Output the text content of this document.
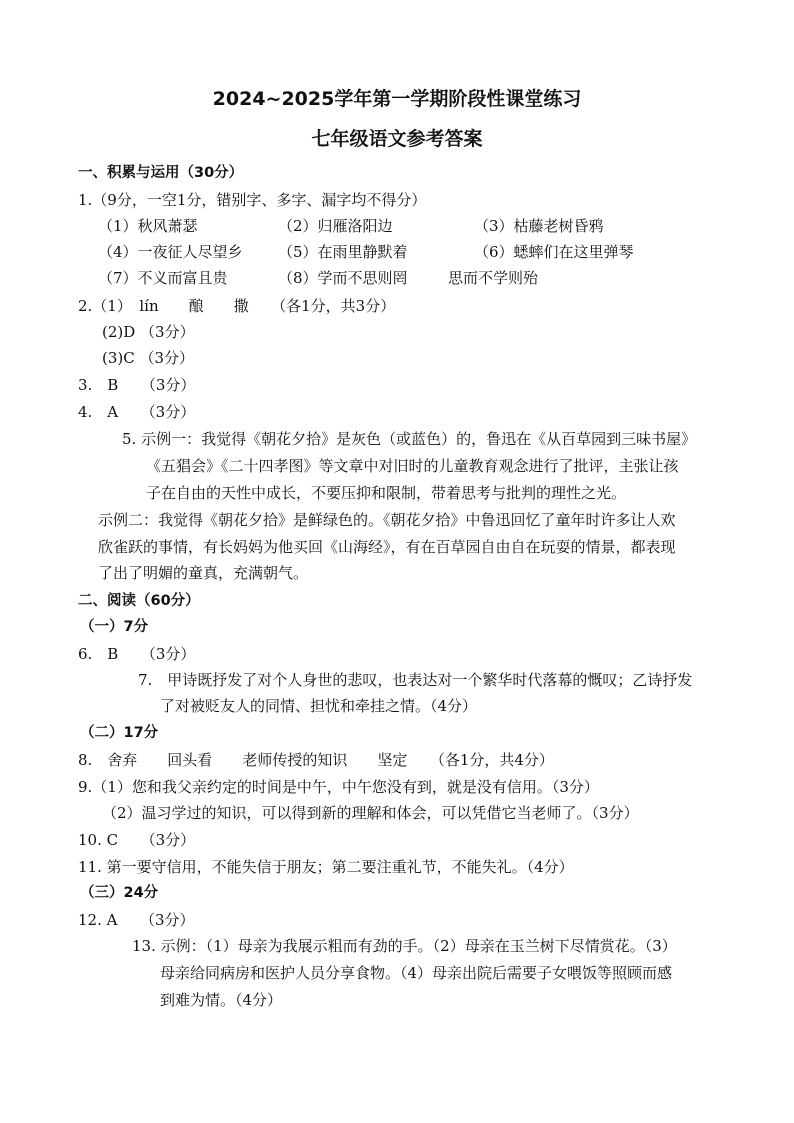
2024~2025学年第一学期阶段性课堂练习
七年级语文参考答案
一、积累与运用（30分）
1.（9分，一空1分，错别字、多字、漏字均不得分）
（1）秋风萧瑟	（2）归雁洛阳边	（3）枯藤老树昏鸦
（4）一夜征人尽望乡 （5）在雨里静默着	（6）蟋蟀们在这里弹琴
（7）不义而富且贵	（8）学而不思则罔	思而不学则殆
2.（1）　lín　　酿　　撒　　（各1分，共3分）
(2)D （3分）
(3)C （3分）
3.　B　　（3分）
4.　A　　（3分）
5. 示例一：我觉得《朝花夕拾》是灰色（或蓝色）的，鲁迅在《从百草园到三味书屋》
《五猖会》《二十四孝图》等文章中对旧时的儿童教育观念进行了批评，主张让孩
子在自由的天性中成长，不要压抑和限制，带着思考与批判的理性之光。
示例二：我觉得《朝花夕拾》是鲜绿色的。《朝花夕拾》中鲁迅回忆了童年时许多让人欢
欣雀跃的事情，有长妈妈为他买回《山海经》，有在百草园自由自在玩耍的情景，都表现
了出了明媚的童真，充满朝气。
二、阅读（60分）
（一）7分
6.　B　　（3分）
7.　甲诗既抒发了对个人身世的悲叹，也表达对一个繁华时代落幕的慨叹；乙诗抒发
了对被贬友人的同情、担忧和牵挂之情。（4分）
（二）17分
8.　舍弃　　回头看　　老师传授的知识　　坚定　　（各1分，共4分）
9.（1）您和我父亲约定的时间是中午，中午您没有到，就是没有信用。（3分）
（2）温习学过的知识，可以得到新的理解和体会，可以凭借它当老师了。（3分）
10. C　　（3分）
11. 第一要守信用，不能失信于朋友；第二要注重礼节，不能失礼。（4分）
（三）24分
12. A　　（3分）
13. 示例：（1）母亲为我展示粗而有劲的手。（2）母亲在玉兰树下尽情赏花。（3）
母亲给同病房和医护人员分享食物。（4）母亲出院后需要子女喂饭等照顾而感
到难为情。（4分）
